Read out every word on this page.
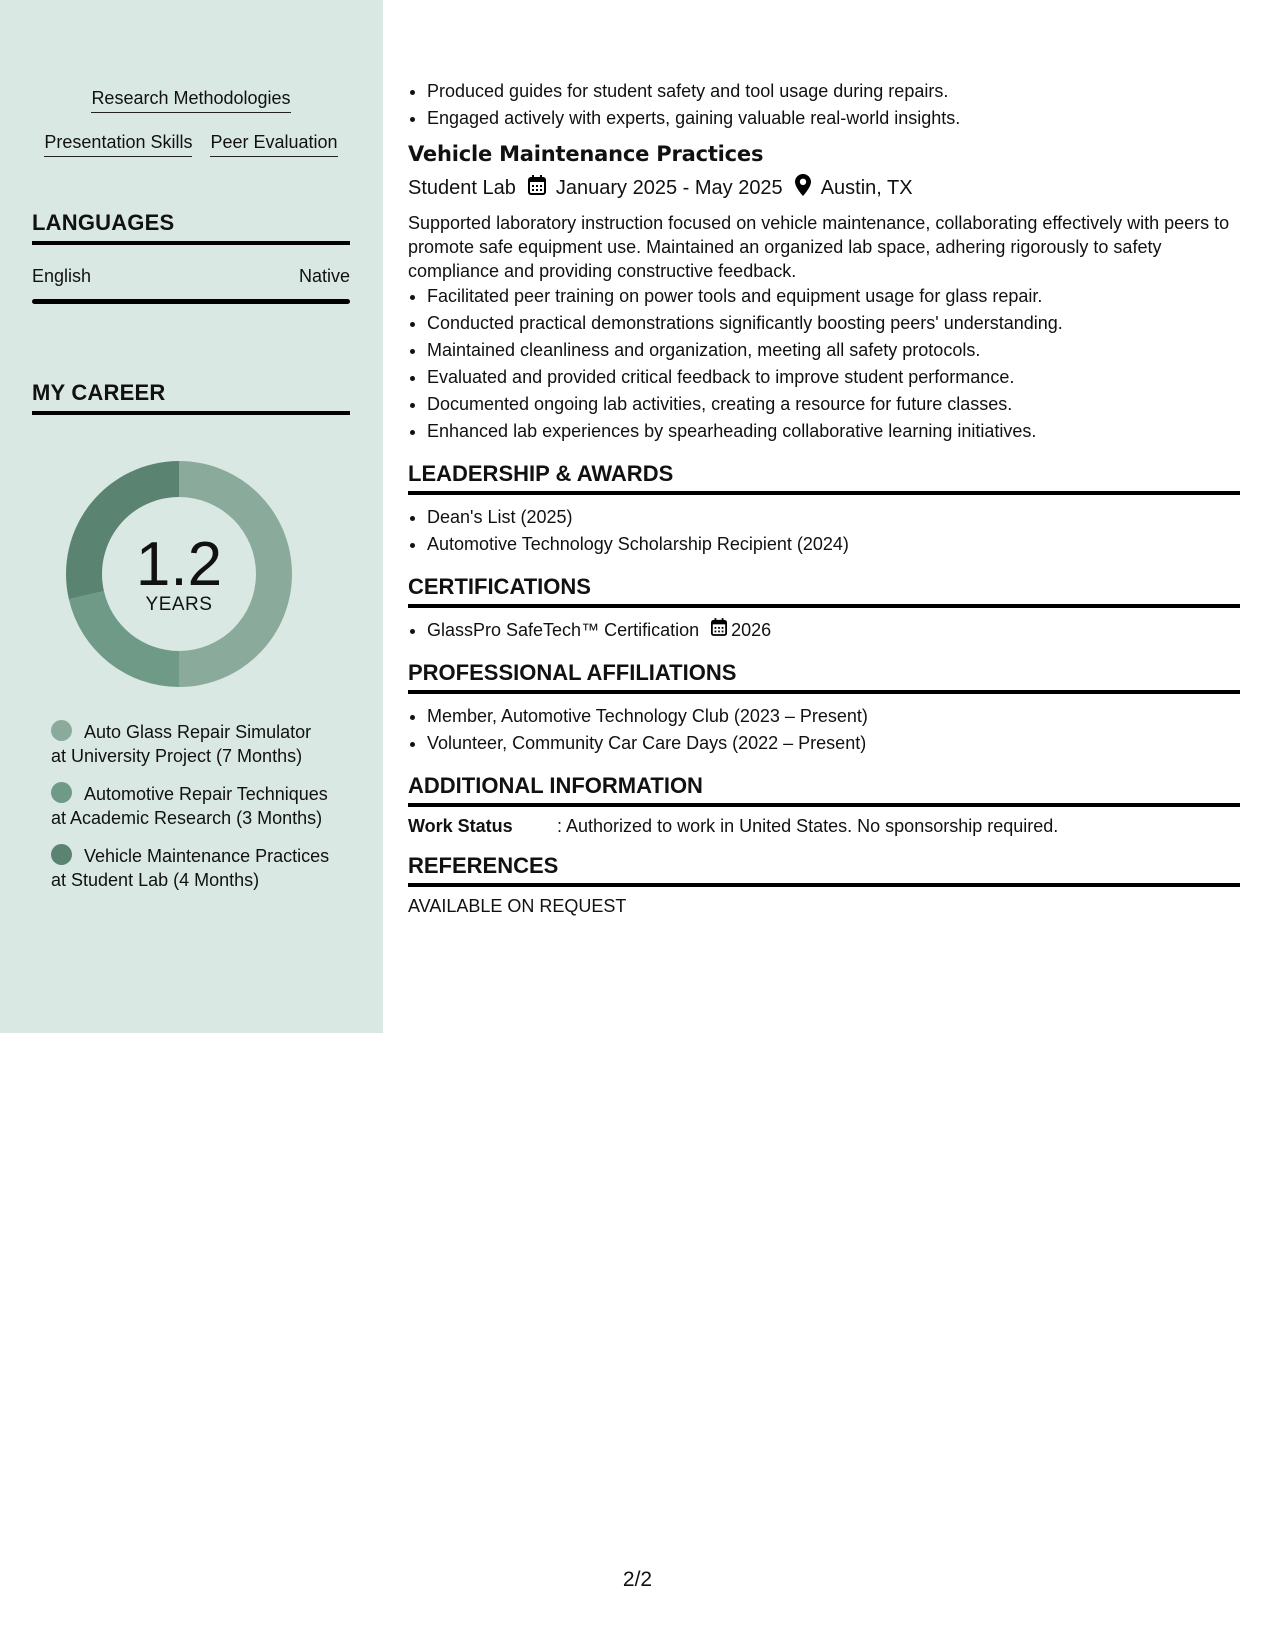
Research Methodologies
Presentation Skills Peer Evaluation
LANGUAGES
English	Native
MY CAREER
1.2
YEARS
Auto Glass Repair Simulator at University Project (7 Months)
Automotive Repair Techniques at Academic Research (3 Months)
Vehicle Maintenance Practices at Student Lab (4 Months)
• Produced guides for student safety and tool usage during repairs.
• Engaged actively with experts, gaining valuable real-world insights.
Vehicle Maintenance Practices
Student Lab January 2025 - May 2025 Austin, TX
Supported laboratory instruction focused on vehicle maintenance, collaborating effectively with peers to promote safe equipment use. Maintained an organized lab space, adhering rigorously to safety compliance and providing constructive feedback.
• Facilitated peer training on power tools and equipment usage for glass repair.
• Conducted practical demonstrations significantly boosting peers' understanding.
• Maintained cleanliness and organization, meeting all safety protocols.
• Evaluated and provided critical feedback to improve student performance.
• Documented ongoing lab activities, creating a resource for future classes.
• Enhanced lab experiences by spearheading collaborative learning initiatives.
LEADERSHIP & AWARDS
• Dean's List (2025)
• Automotive Technology Scholarship Recipient (2024)
CERTIFICATIONS
• GlassPro SafeTech™ Certification 2026
PROFESSIONAL AFFILIATIONS
• Member, Automotive Technology Club (2023 – Present)
• Volunteer, Community Car Care Days (2022 – Present)
ADDITIONAL INFORMATION
Work Status	: Authorized to work in United States. No sponsorship required.
REFERENCES
AVAILABLE ON REQUEST
2/2
